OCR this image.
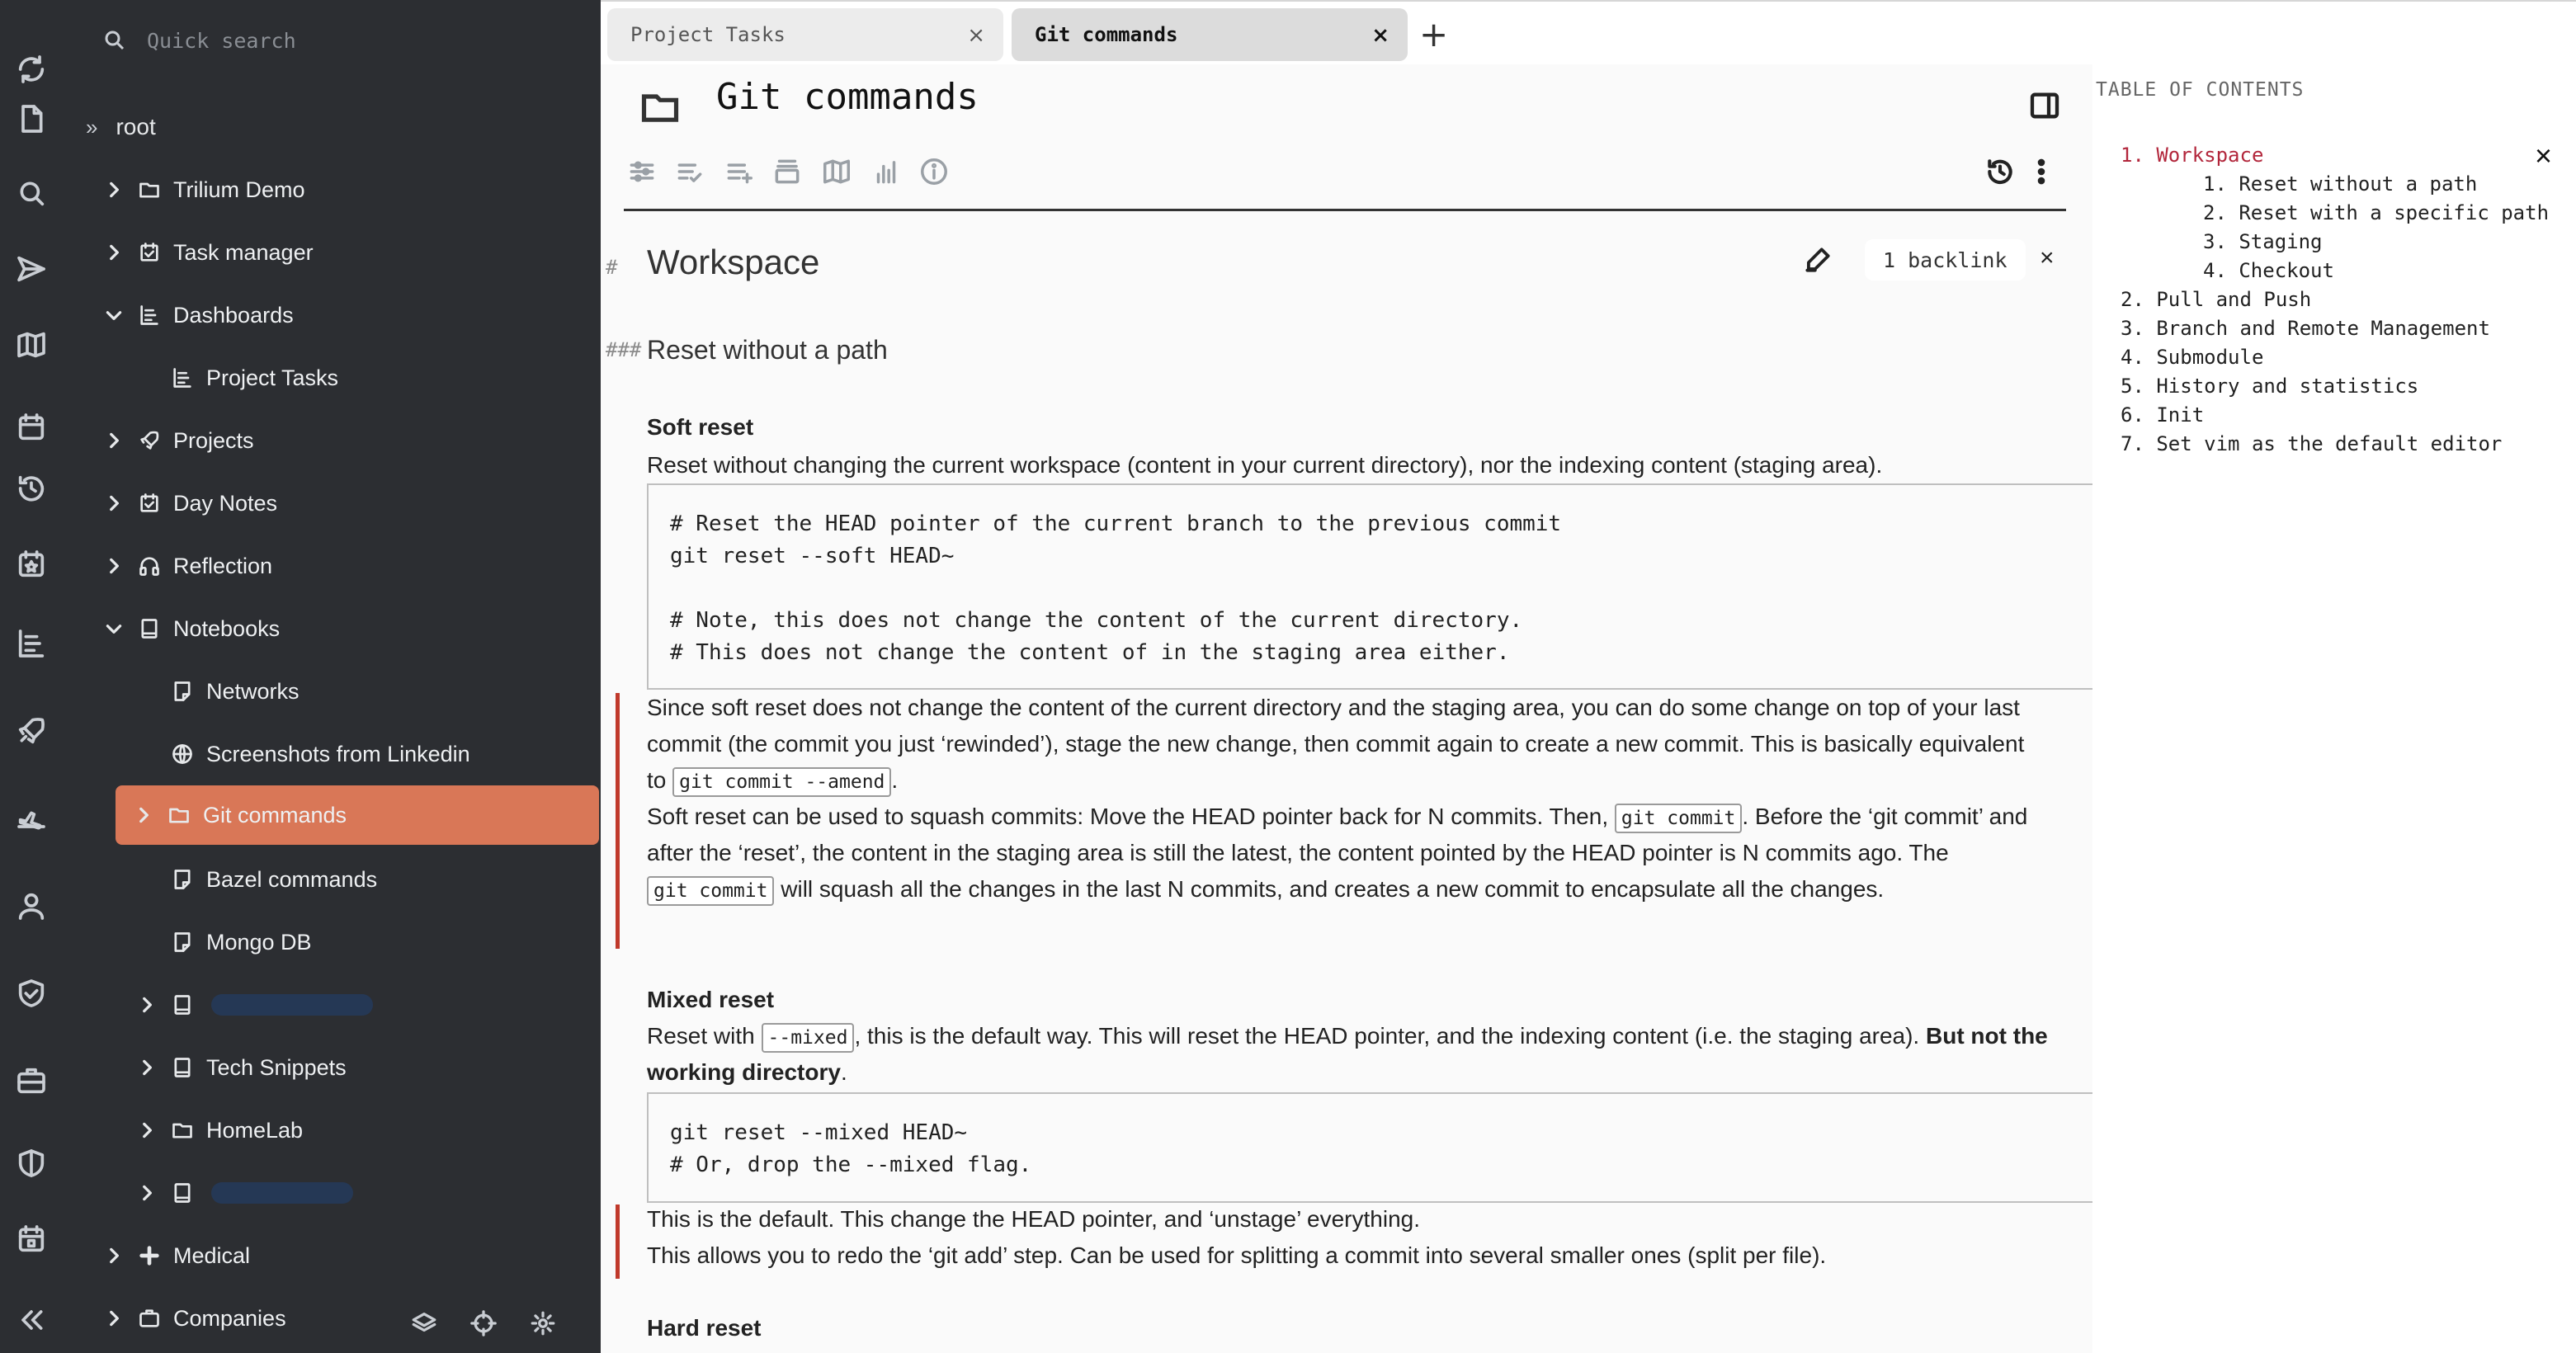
Quick search
» root
Trilium Demo
Task manager
Dashboards
Project Tasks
Projects
Day Notes
Reflection
Notebooks
Networks
Screenshots from Linkedin
Git commands
Bazel commands
Mongo DB
Tech Snippets
HomeLab
Medical
Companies
Project Tasks	×	Git commands	× +
Git commands
# Workspace	1 backlink	×
### Reset without a path
Soft reset
Reset without changing the current workspace (content in your current directory), nor the indexing content (staging area).
# Reset the HEAD pointer of the current branch to the previous commit
git reset --soft HEAD~

# Note, this does not change the content of the current directory.
# This does not change the content of in the staging area either.
Since soft reset does not change the content of the current directory and the staging area, you can do some change on top of your last commit (the commit you just ‘rewinded’), stage the new change, then commit again to create a new commit. This is basically equivalent to git commit --amend .
Soft reset can be used to squash commits: Move the HEAD pointer back for N commits. Then, git commit . Before the ‘git commit’ and after the ‘reset’, the content in the staging area is still the latest, the content pointed by the HEAD pointer is N commits ago. The git commit will squash all the changes in the last N commits, and creates a new commit to encapsulate all the changes.
Mixed reset
Reset with --mixed , this is the default way. This will reset the HEAD pointer, and the indexing content (i.e. the staging area). But not the working directory.
git reset --mixed HEAD~
# Or, drop the --mixed flag.
This is the default. This change the HEAD pointer, and ‘unstage’ everything.
This allows you to redo the ‘git add’ step. Can be used for splitting a commit into several smaller ones (split per file).
Hard reset
TABLE OF CONTENTS
×
1. Workspace
1. Reset without a path
2. Reset with a specific path
3. Staging
4. Checkout
2. Pull and Push
3. Branch and Remote Management
4. Submodule
5. History and statistics
6. Init
7. Set vim as the default editor
